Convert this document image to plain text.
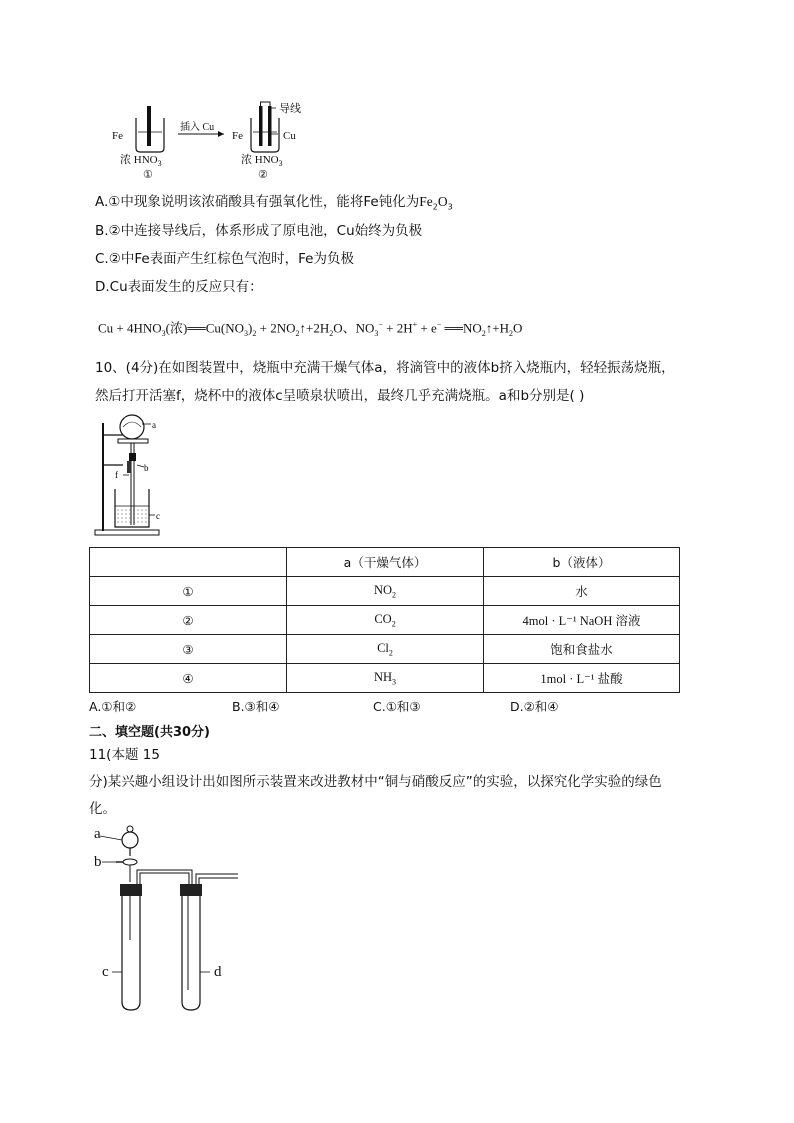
Fe
插入 Cu
Fe	Cu
导线
浓 $HNO_3$	浓 $HNO_3$
①	②
A.①中现象说明该浓硝酸具有强氧化性，能将Fe钝化为$Fe_2O_3$
B.②中连接导线后，体系形成了原电池，Cu始终为负极
C.②中Fe表面产生红棕色气泡时，Fe为负极
D.Cu表面发生的反应只有：
$Cu + 4HNO_3$(浓)$══Cu(NO_3)_2$ + $2NO_2↑+2H_2O$、$NO_3^- + 2H^+ + e^-$ $══NO_2↑+H_2O$
10、(4分)在如图装置中，烧瓶中充满干燥气体a，将滴管中的液体b挤入烧瓶内，轻轻振荡烧瓶，
然后打开活塞f，烧杯中的液体c呈喷泉状喷出，最终几乎充满烧瓶。a和b分别是( )
a
b
f
c
	a（干燥气体）	b（液体）
①	$NO_2$	水
②	$CO_2$	4mol · L⁻¹ NaOH 溶液
③	$Cl_2$	饱和食盐水
④	$NH_3$	1mol · L⁻¹ 盐酸
A.①和②	B.③和④	C.①和③	D.②和④
二、填空题(共30分)
11(本题 15
分)某兴趣小组设计出如图所示装置来改进教材中“铜与硝酸反应”的实验，以探究化学实验的绿色
化。
a
b
c	d
